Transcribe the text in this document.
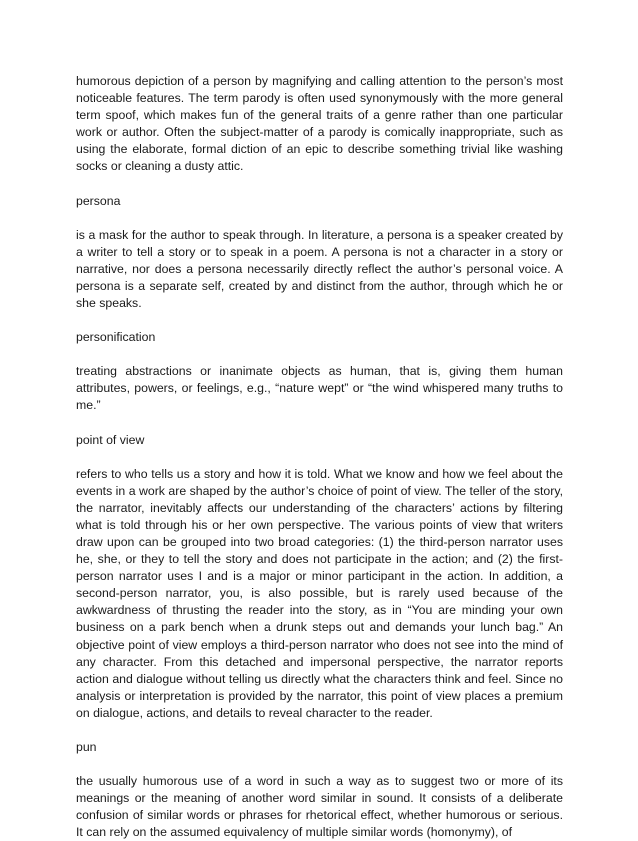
humorous depiction of a person by magnifying and calling attention to the person’s most noticeable features. The term parody is often used synonymously with the more general term spoof, which makes fun of the general traits of a genre rather than one particular work or author. Often the subject-matter of a parody is comically inappropriate, such as using the elaborate, formal diction of an epic to describe something trivial like washing socks or cleaning a dusty attic.

persona

is a mask for the author to speak through. In literature, a persona is a speaker created by a writer to tell a story or to speak in a poem. A persona is not a character in a story or narrative, nor does a persona necessarily directly reflect the author’s personal voice. A persona is a separate self, created by and distinct from the author, through which he or she speaks.

personification

treating abstractions or inanimate objects as human, that is, giving them human attributes, powers, or feelings, e.g., “nature wept” or “the wind whispered many truths to me.”

point of view

refers to who tells us a story and how it is told. What we know and how we feel about the events in a work are shaped by the author’s choice of point of view. The teller of the story, the narrator, inevitably affects our understanding of the characters’ actions by filtering what is told through his or her own perspective. The various points of view that writers draw upon can be grouped into two broad categories: (1) the third-person narrator uses he, she, or they to tell the story and does not participate in the action; and (2) the first-person narrator uses I and is a major or minor participant in the action. In addition, a second-person narrator, you, is also possible, but is rarely used because of the awkwardness of thrusting the reader into the story, as in “You are minding your own business on a park bench when a drunk steps out and demands your lunch bag.” An objective point of view employs a third-person narrator who does not see into the mind of any character. From this detached and impersonal perspective, the narrator reports action and dialogue without telling us directly what the characters think and feel. Since no analysis or interpretation is provided by the narrator, this point of view places a premium on dialogue, actions, and details to reveal character to the reader.

pun

the usually humorous use of a word in such a way as to suggest two or more of its meanings or the meaning of another word similar in sound. It consists of a deliberate confusion of similar words or phrases for rhetorical effect, whether humorous or serious. It can rely on the assumed equivalency of multiple similar words (homonymy), of
